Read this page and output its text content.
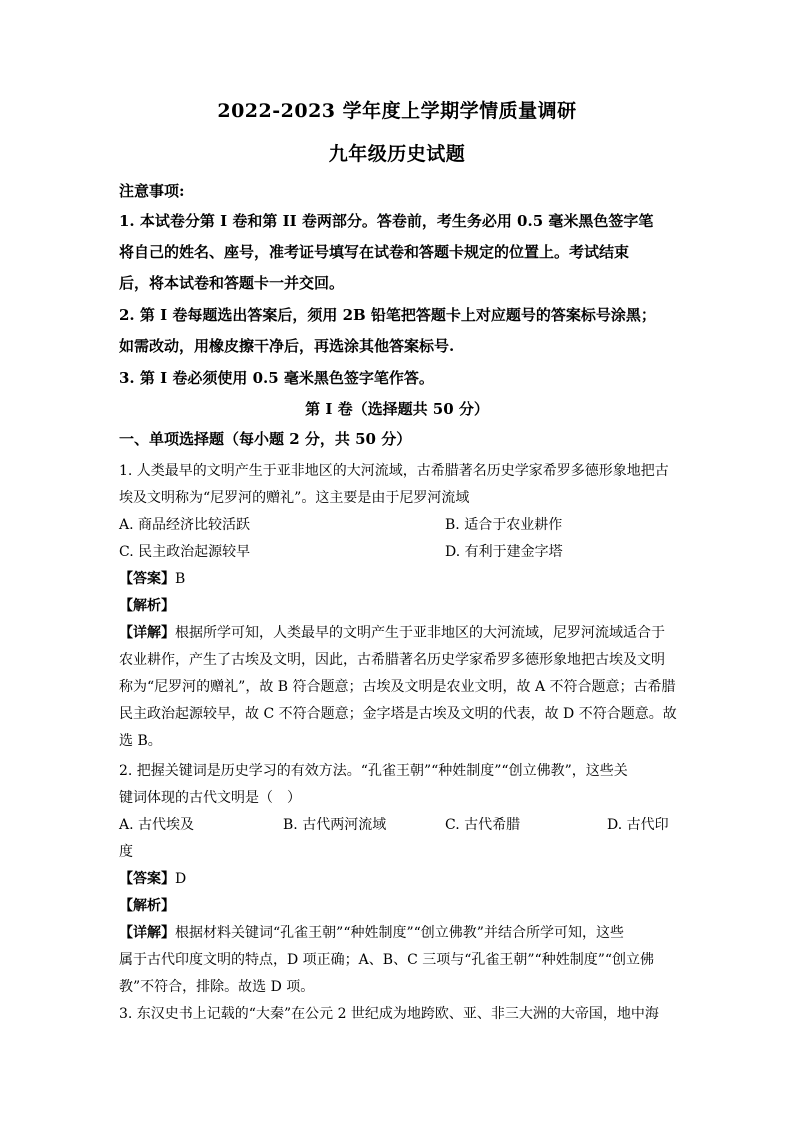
2022-2023 学年度上学期学情质量调研
九年级历史试题
注意事项:
1. 本试卷分第 I 卷和第 II 卷两部分。答卷前，考生务必用 0.5 毫米黑色签字笔
将自己的姓名、座号，准考证号填写在试卷和答题卡规定的位置上。考试结束
后，将本试卷和答题卡一并交回。
2. 第 I 卷每题选出答案后，须用 2B 铅笔把答题卡上对应题号的答案标号涂黑；
如需改动，用橡皮擦干净后，再选涂其他答案标号.
3. 第 I 卷必须使用 0.5 毫米黑色签字笔作答。
第 I 卷（选择题共 50 分）
一、单项选择题（每小题 2 分，共 50 分）
1. 人类最早的文明产生于亚非地区的大河流域，古希腊著名历史学家希罗多德形象地把古
埃及文明称为“尼罗河的赠礼”。这主要是由于尼罗河流域
A. 商品经济比较活跃	B. 适合于农业耕作
C. 民主政治起源较早	D. 有利于建金字塔
【答案】B
【解析】
【详解】根据所学可知，人类最早的文明产生于亚非地区的大河流域，尼罗河流域适合于
农业耕作，产生了古埃及文明，因此，古希腊著名历史学家希罗多德形象地把古埃及文明
称为“尼罗河的赠礼”，故 B 符合题意；古埃及文明是农业文明，故 A 不符合题意；古希腊
民主政治起源较早，故 C 不符合题意；金字塔是古埃及文明的代表，故 D 不符合题意。故
选 B。
2. 把握关键词是历史学习的有效方法。“孔雀王朝”“种姓制度”“创立佛教”，这些关
键词体现的古代文明是（　）
A. 古代埃及	B. 古代两河流域	C. 古代希腊	D. 古代印
度
【答案】D
【解析】
【详解】根据材料关键词“孔雀王朝”“种姓制度”“创立佛教”并结合所学可知，这些
属于古代印度文明的特点，D 项正确；A、B、C 三项与“孔雀王朝”“种姓制度”“创立佛
教”不符合，排除。故选 D 项。
3. 东汉史书上记载的“大秦”在公元 2 世纪成为地跨欧、亚、非三大洲的大帝国，地中海
